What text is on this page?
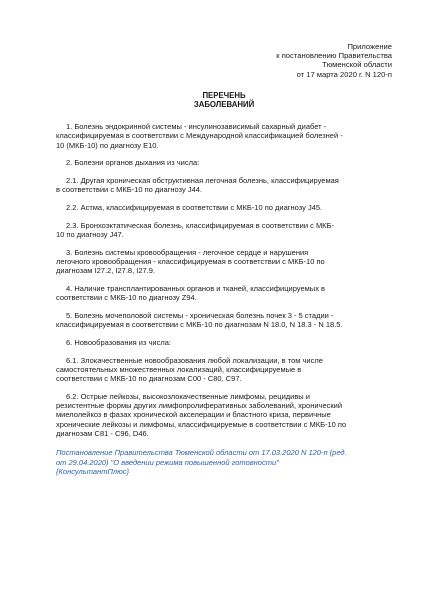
Приложение
к постановлению Правительства
Тюменской области
от 17 марта 2020 г. N 120-п
ПЕРЕЧЕНЬ
ЗАБОЛЕВАНИЙ

1. Болезнь эндокринной системы - инсулинозависимый сахарный диабет -
классифицируемая в соответствии с Международной классификацией болезней -
10 (МКБ-10) по диагнозу Е10.

2. Болезни органов дыхания из числа:

2.1. Другая хроническая обструктивная легочная болезнь, классифицируемая
в соответствии с МКБ-10 по диагнозу J44.

2.2. Астма, классифицируемая в соответствии с МКБ-10 по диагнозу J45.

2.3. Бронхоэктатическая болезнь, классифицируемая в соответствии с МКБ-
10 по диагнозу J47.

3. Болезнь системы кровообращения - легочное сердце и нарушения
легочного кровообращения - классифицируемая в соответствии с МКБ-10 по
диагнозам I27.2, I27.8, I27.9.

4. Наличие трансплантированных органов и тканей, классифицируемых в
соответствии с МКБ-10 по диагнозу Z94.

5. Болезнь мочеполовой системы - хроническая болезнь почек 3 - 5 стадии -
классифицируемая в соответствии с МКБ-10 по диагнозам N 18.0, N 18.3 - N 18.5.

6. Новообразования из числа:

6.1. Злокачественные новообразования любой локализации, в том числе
самостоятельных множественных локализаций, классифицируемые в
соответствии с МКБ-10 по диагнозам С00 - С80, С97.

6.2. Острые лейкозы, высокозлокачественные лимфомы, рецидивы и
резистентные формы других лимфопролиферативных заболеваний, хронический
миелолейкоз в фазах хронической акселерации и бластного криза, первичные
хронические лейкозы и лимфомы, классифицируемые в соответствии с МКБ-10 по
диагнозам С81 - С96, D46.

Постановление Правительства Тюменской области от 17.03.2020 N 120-п (ред.
от 29.04.2020) "О введении режима повышенной готовности"
{КонсультантПлюс}
